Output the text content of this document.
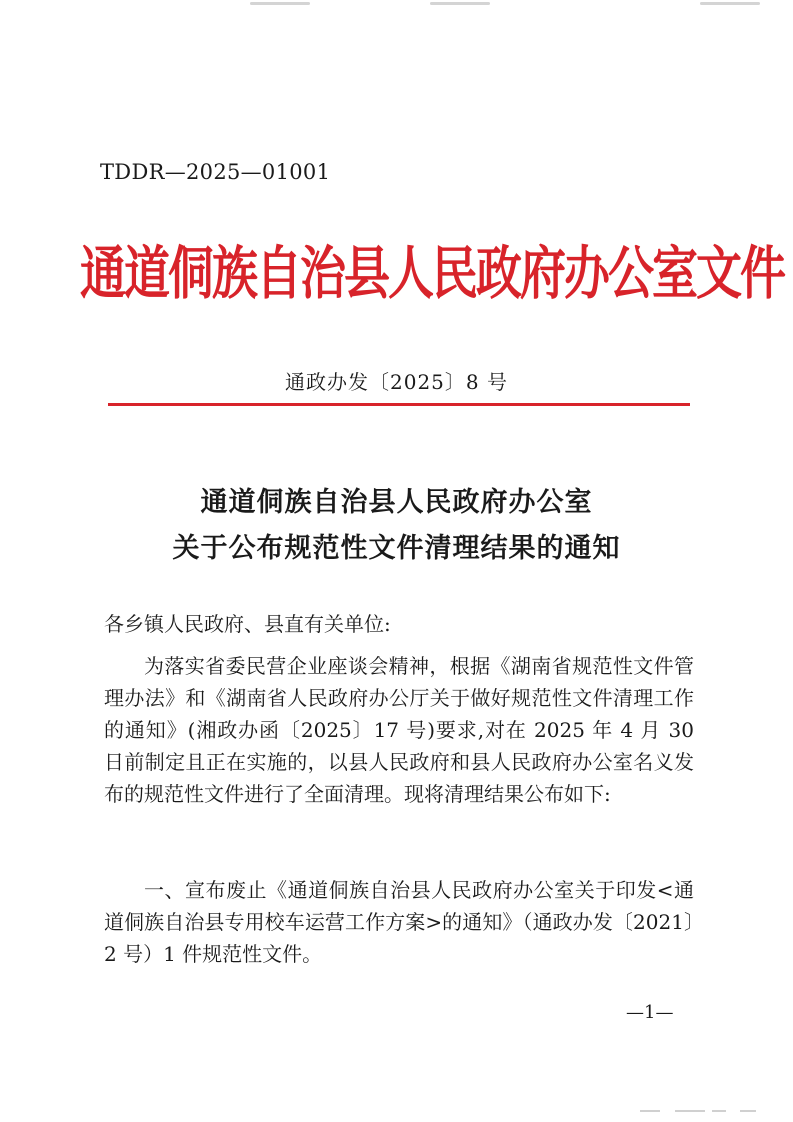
TDDR—2025—01001
通道侗族自治县人民政府办公室文件
通政办发〔2025〕8 号
通道侗族自治县人民政府办公室
关于公布规范性文件清理结果的通知
各乡镇人民政府、县直有关单位:
为落实省委民营企业座谈会精神，根据《湖南省规范性文件管理办法》和《湖南省人民政府办公厅关于做好规范性文件清理工作的通知》(湘政办函〔2025〕17 号)要求,对在 2025 年 4 月 30 日前制定且正在实施的，以县人民政府和县人民政府办公室名义发布的规范性文件进行了全面清理。现将清理结果公布如下:
一、宣布废止《通道侗族自治县人民政府办公室关于印发<通道侗族自治县专用校车运营工作方案>的通知》（通政办发〔2021〕2 号）1 件规范性文件。
—1—
